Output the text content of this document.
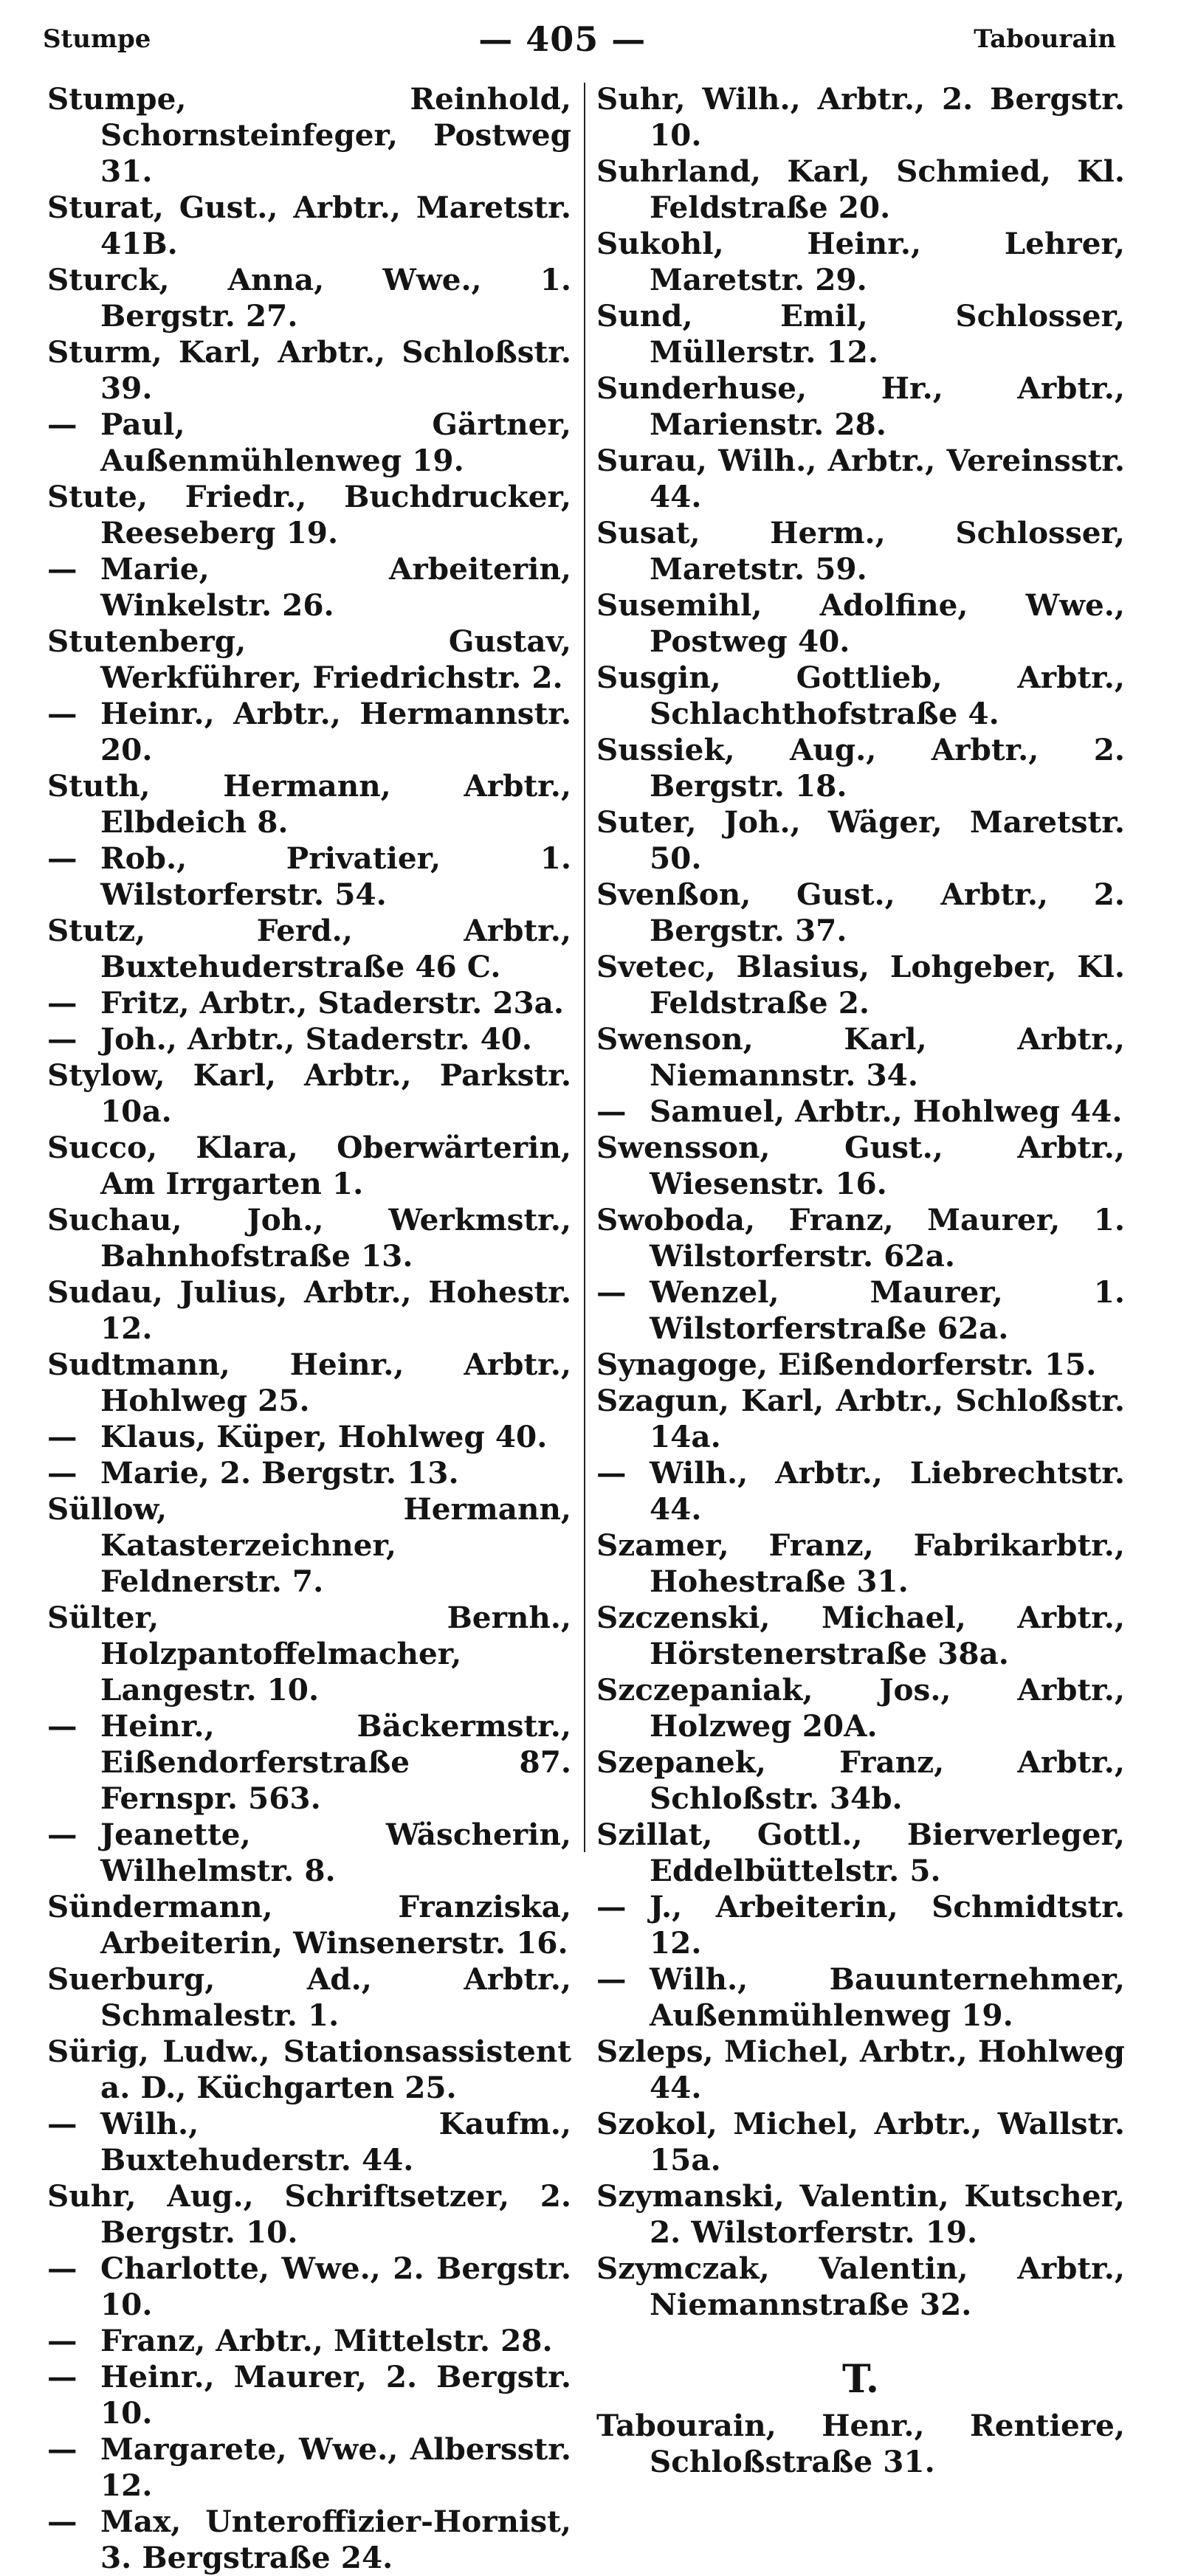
Stumpe	— 405 —	Tabourain

Stumpe, Reinhold, Schornsteinfeger, Postweg 31.

Sturat, Gust., Arbtr., Maretstr. 41B.

Sturck, Anna, Wwe., 1. Bergstr. 27.

Sturm, Karl, Arbtr., Schloßstr. 39.

— Paul, Gärtner, Außenmühlenweg 19.

Stute, Friedr., Buchdrucker, Reeseberg 19.

— Marie, Arbeiterin, Winkelstr. 26.

Stutenberg, Gustav, Werkführer, Friedrichstr. 2.

— Heinr., Arbtr., Hermannstr. 20.

Stuth, Hermann, Arbtr., Elbdeich 8.

— Rob., Privatier, 1. Wilstorferstr. 54.

Stutz, Ferd., Arbtr., Buxtehuderstraße 46 C.

— Fritz, Arbtr., Staderstr. 23a.

— Joh., Arbtr., Staderstr. 40.

Stylow, Karl, Arbtr., Parkstr. 10a.

Succo, Klara, Oberwärterin, Am Irrgarten 1.

Suchau, Joh., Werkmstr., Bahnhofstraße 13.

Sudau, Julius, Arbtr., Hohestr. 12.

Sudtmann, Heinr., Arbtr., Hohlweg 25.

— Klaus, Küper, Hohlweg 40.

— Marie, 2. Bergstr. 13.

Süllow, Hermann, Katasterzeichner, Feldnerstr. 7.

Sülter, Bernh., Holzpantoffelmacher, Langestr. 10.

— Heinr., Bäckermstr., Eißendorferstraße 87. Fernspr. 563.

— Jeanette, Wäscherin, Wilhelmstr. 8.

Sündermann, Franziska, Arbeiterin, Winsenerstr. 16.

Suerburg, Ad., Arbtr., Schmalestr. 1.

Sürig, Ludw., Stationsassistent a. D., Küchgarten 25.

— Wilh., Kaufm., Buxtehuderstr. 44.

Suhr, Aug., Schriftsetzer, 2. Bergstr. 10.

— Charlotte, Wwe., 2. Bergstr. 10.

— Franz, Arbtr., Mittelstr. 28.

— Heinr., Maurer, 2. Bergstr. 10.

— Margarete, Wwe., Albersstr. 12.

— Max, Unteroffizier-Hornist, 3. Bergstraße 24.

Suhr, Wilh., Arbtr., 2. Bergstr. 10.

Suhrland, Karl, Schmied, Kl. Feldstraße 20.

Sukohl, Heinr., Lehrer, Maretstr. 29.

Sund, Emil, Schlosser, Müllerstr. 12.

Sunderhuse, Hr., Arbtr., Marienstr. 28.

Surau, Wilh., Arbtr., Vereinsstr. 44.

Susat, Herm., Schlosser, Maretstr. 59.

Susemihl, Adolfine, Wwe., Postweg 40.

Susgin, Gottlieb, Arbtr., Schlachthofstraße 4.

Sussiek, Aug., Arbtr., 2. Bergstr. 18.

Suter, Joh., Wäger, Maretstr. 50.

Svenßon, Gust., Arbtr., 2. Bergstr. 37.

Svetec, Blasius, Lohgeber, Kl. Feldstraße 2.

Swenson, Karl, Arbtr., Niemannstr. 34.

— Samuel, Arbtr., Hohlweg 44.

Swensson, Gust., Arbtr., Wiesenstr. 16.

Swoboda, Franz, Maurer, 1. Wilstorferstr. 62a.

— Wenzel, Maurer, 1. Wilstorferstraße 62a.

Synagoge, Eißendorferstr. 15.

Szagun, Karl, Arbtr., Schloßstr. 14a.

— Wilh., Arbtr., Liebrechtstr. 44.

Szamer, Franz, Fabrikarbtr., Hohestraße 31.

Szczenski, Michael, Arbtr., Hörstenerstraße 38a.

Szczepaniak, Jos., Arbtr., Holzweg 20A.

Szepanek, Franz, Arbtr., Schloßstr. 34b.

Szillat, Gottl., Bierverleger, Eddelbüttelstr. 5.

— J., Arbeiterin, Schmidtstr. 12.

— Wilh., Bauunternehmer, Außenmühlenweg 19.

Szleps, Michel, Arbtr., Hohlweg 44.

Szokol, Michel, Arbtr., Wallstr. 15a.

Szymanski, Valentin, Kutscher, 2. Wilstorferstr. 19.

Szymczak, Valentin, Arbtr., Niemannstraße 32.

T.

Tabourain, Henr., Rentiere, Schloßstraße 31.
